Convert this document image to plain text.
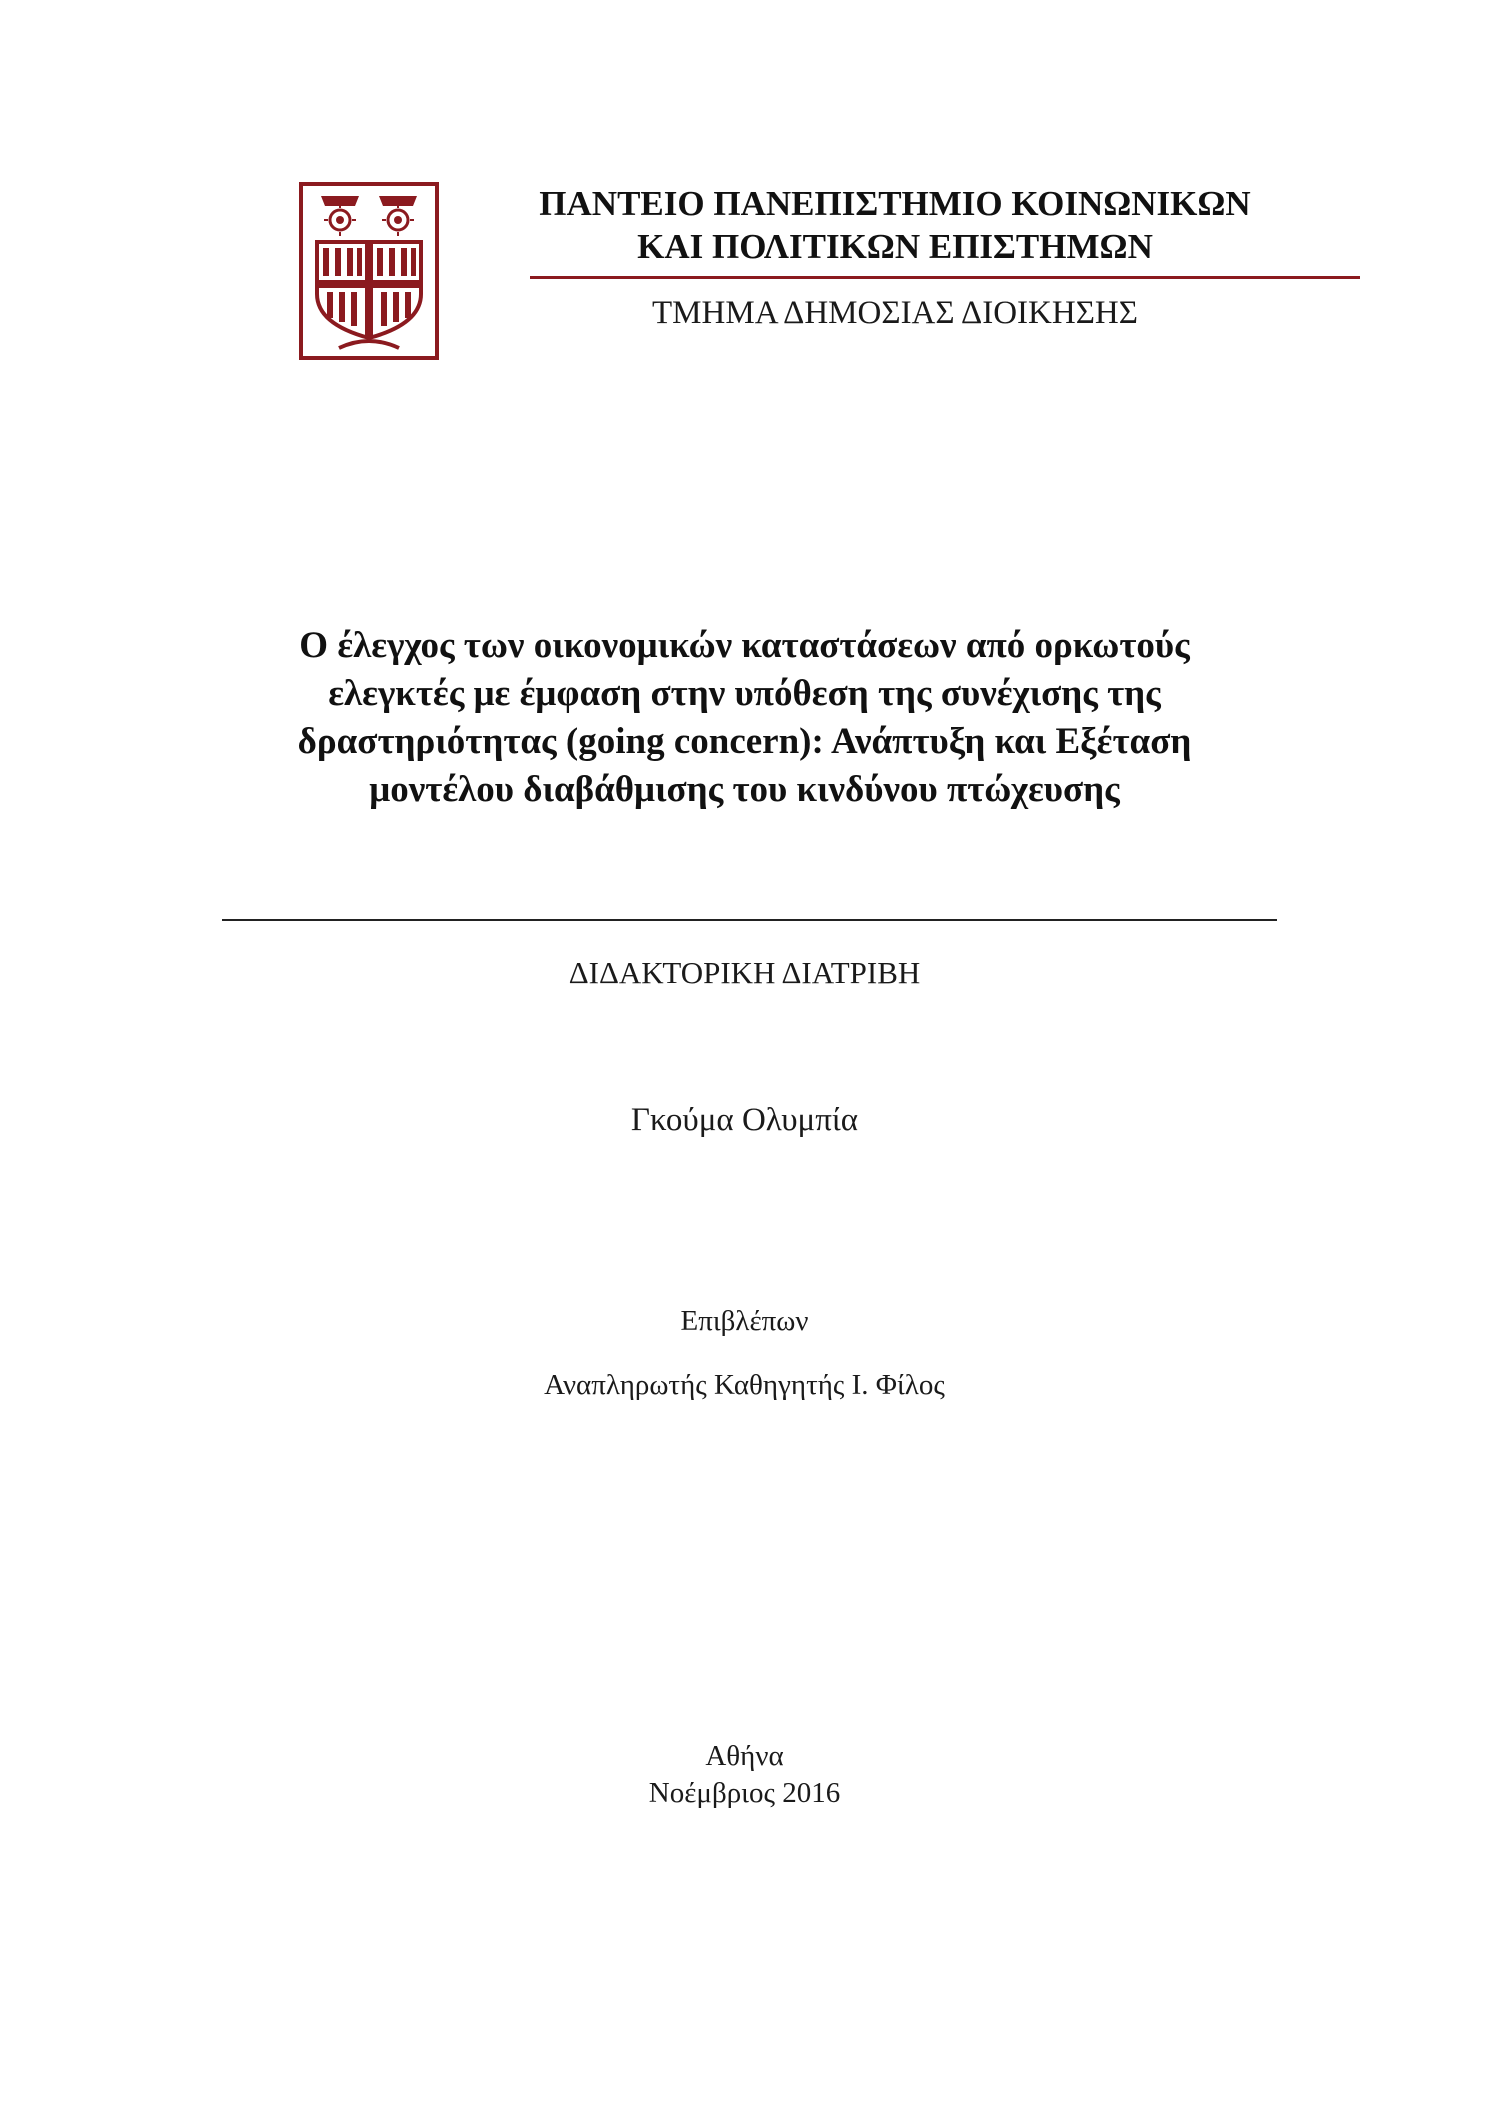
ΠΑΝΤΕΙΟ ΠΑΝΕΠΙΣΤΗΜΙΟ ΚΟΙΝΩΝΙΚΩΝ
ΚΑΙ ΠΟΛΙΤΙΚΩΝ ΕΠΙΣΤΗΜΩΝ
ΤΜΗΜΑ ΔΗΜΟΣΙΑΣ ΔΙΟΙΚΗΣΗΣ
Ο έλεγχος των οικονομικών καταστάσεων από ορκωτούς
ελεγκτές με έμφαση στην υπόθεση της συνέχισης της
δραστηριότητας (going concern): Ανάπτυξη και Εξέταση
μοντέλου διαβάθμισης του κινδύνου πτώχευσης
ΔΙΔΑΚΤΟΡΙΚΗ ΔΙΑΤΡΙΒΗ
Γκούμα Ολυμπία
Επιβλέπων
Αναπληρωτής Καθηγητής Ι. Φίλος
Αθήνα
Νοέμβριος 2016
